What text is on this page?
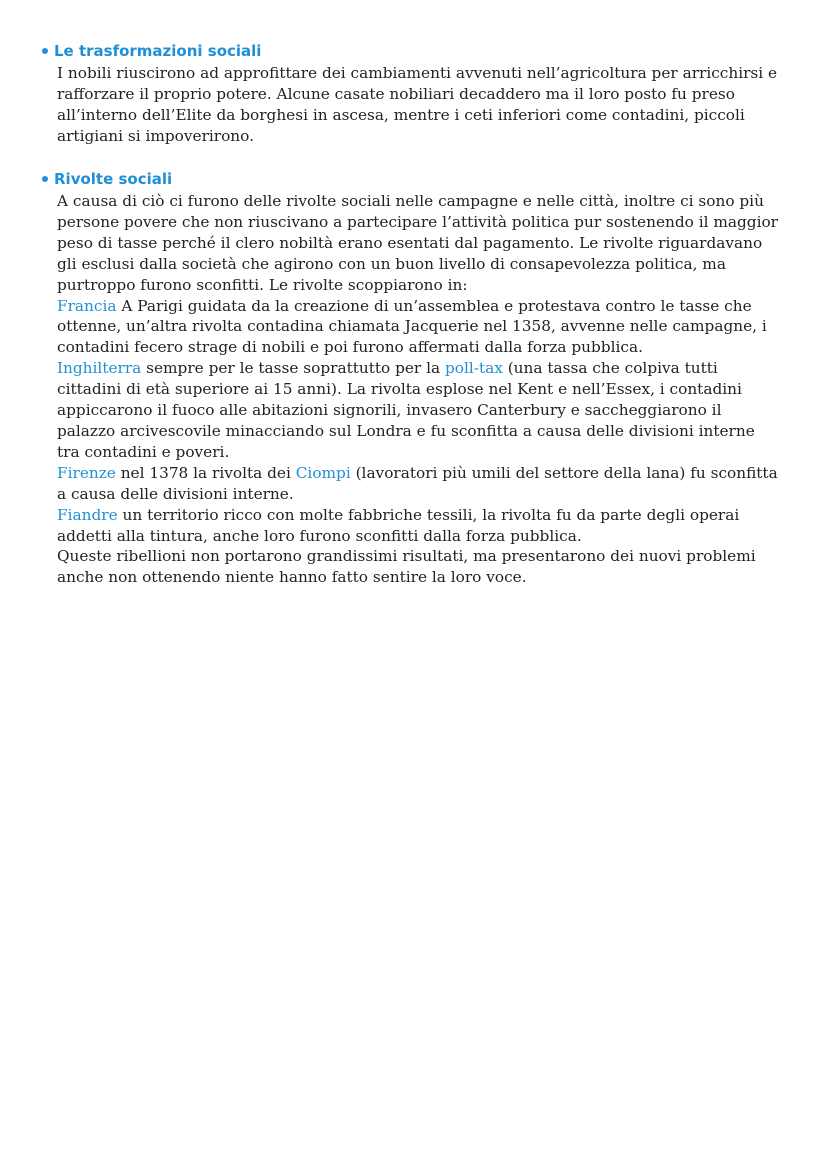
Le trasformazioni sociali

I nobili riuscirono ad approfittare dei cambiamenti avvenuti nell’agricoltura per arricchirsi e rafforzare il proprio potere. Alcune casate nobiliari decaddero ma il loro posto fu preso all’interno dell’Elite da borghesi in ascesa, mentre i ceti inferiori come contadini, piccoli artigiani si impoverirono.

Rivolte sociali

A causa di ciò ci furono delle rivolte sociali nelle campagne e nelle città, inoltre ci sono più persone povere che non riuscivano a partecipare l’attività politica pur sostenendo il maggior peso di tasse perché il clero nobiltà erano esentati dal pagamento. Le rivolte riguardavano gli esclusi dalla società che agirono con un buon livello di consapevolezza politica, ma purtroppo furono sconfitti. Le rivolte scoppiarono in:

Francia A Parigi guidata da la creazione di un’assemblea e protestava contro le tasse che ottenne, un’altra rivolta contadina chiamata Jacquerie nel 1358, avvenne nelle campagne, i contadini fecero strage di nobili e poi furono affermati dalla forza pubblica.

Inghilterra sempre per le tasse soprattutto per la poll-tax (una tassa che colpiva tutti cittadini di età superiore ai 15 anni). La rivolta esplose nel Kent e nell’Essex, i contadini appiccarono il fuoco alle abitazioni signorili, invasero Canterbury e saccheggiarono il palazzo arcivescovile minacciando sul Londra e fu sconfitta a causa delle divisioni interne tra contadini e poveri.

Firenze nel 1378 la rivolta dei Ciompi (lavoratori più umili del settore della lana) fu sconfitta a causa delle divisioni interne.

Fiandre un territorio ricco con molte fabbriche tessili, la rivolta fu da parte degli operai addetti alla tintura, anche loro furono sconfitti dalla forza pubblica.

Queste ribellioni non portarono grandissimi risultati, ma presentarono dei nuovi problemi anche non ottenendo niente hanno fatto sentire la loro voce.
